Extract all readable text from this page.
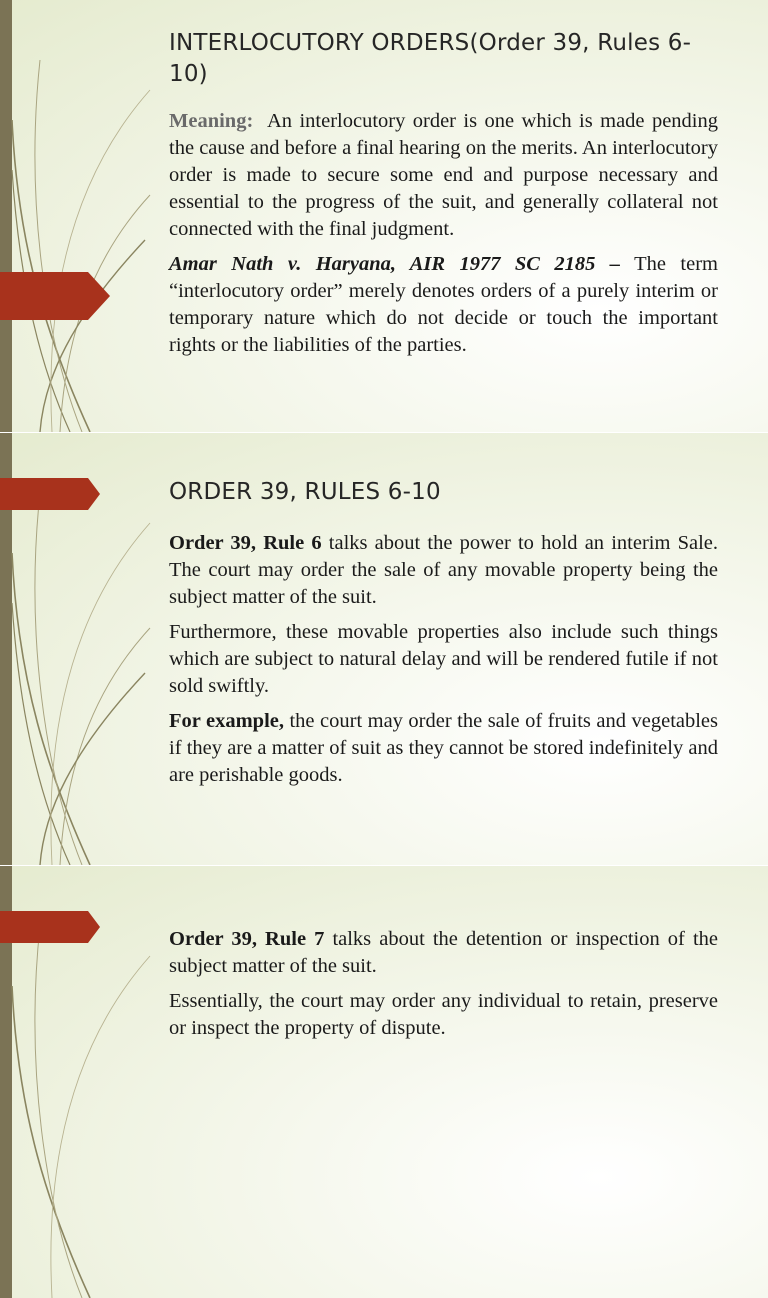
INTERLOCUTORY ORDERS(Order 39, Rules 6-10)

Meaning:  An interlocutory order is one which is made pending the cause and before a final hearing on the merits. An interlocutory order is made to secure some end and purpose necessary and essential to the progress of the suit, and generally collateral not connected with the final judgment.

Amar Nath v. Haryana, AIR 1977 SC 2185 – The term “interlocutory order” merely denotes orders of a purely interim or temporary nature which do not decide or touch the important rights or the liabilities of the parties.

ORDER 39, RULES 6-10

Order 39, Rule 6 talks about the power to hold an interim Sale. The court may order the sale of any movable property being the subject matter of the suit.

Furthermore, these movable properties also include such things which are subject to natural delay and will be rendered futile if not sold swiftly.

For example, the court may order the sale of fruits and vegetables if they are a matter of suit as they cannot be stored indefinitely and are perishable goods.

Order 39, Rule 7 talks about the detention or inspection of the subject matter of the suit.

Essentially, the court may order any individual to retain, preserve or inspect the property of dispute.
